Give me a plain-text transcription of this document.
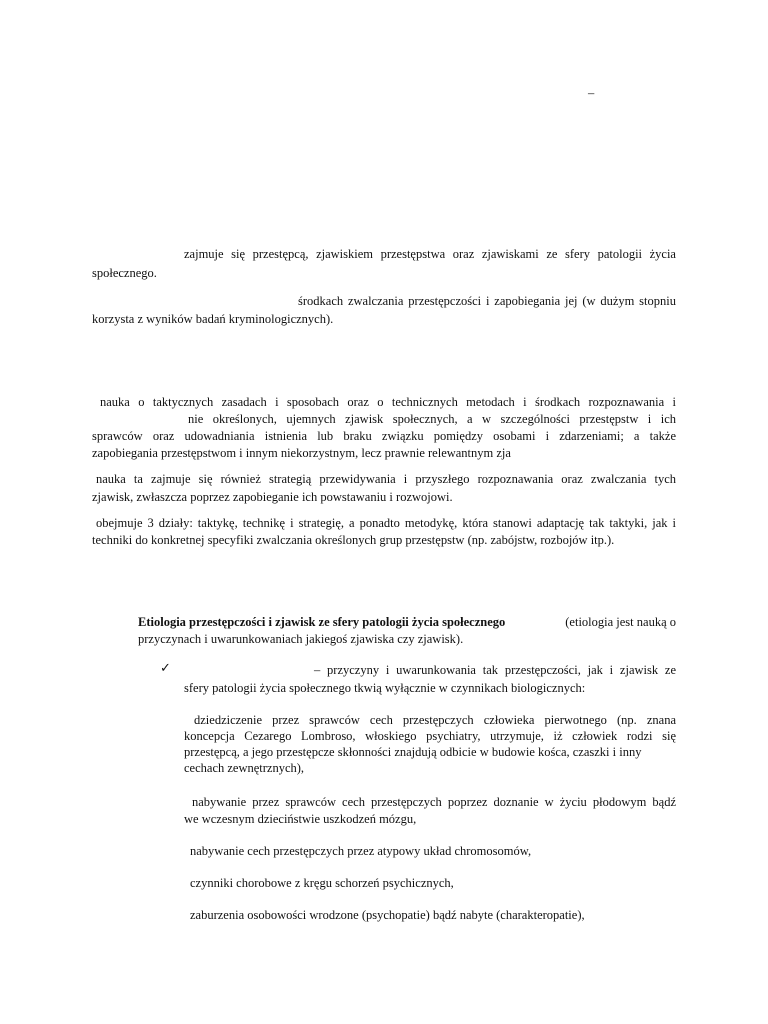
–
zajmuje się przestępcą, zjawiskiem przestępstwa oraz zjawiskami ze sfery patologii życia
społecznego.
środkach zwalczania przestępczości i zapobiegania jej (w dużym stopniu
korzysta z wyników badań kryminologicznych).
nauka o taktycznych zasadach i sposobach oraz o technicznych metodach i środkach rozpoznawania i
nie określonych, ujemnych zjawisk społecznych, a w szczególności przestępstw i ich
sprawców oraz udowadniania istnienia lub braku związku pomiędzy osobami i zdarzeniami; a także
zapobiegania przestępstwom i innym niekorzystnym, lecz prawnie relewantnym zja
nauka ta zajmuje się również strategią przewidywania i przyszłego rozpoznawania oraz zwalczania tych
zjawisk, zwłaszcza poprzez zapobieganie ich powstawaniu i rozwojowi.
obejmuje 3 działy: taktykę, technikę i strategię, a ponadto metodykę, która stanowi adaptację tak taktyki, jak i
techniki do konkretnej specyfiki zwalczania określonych grup przestępstw (np. zabójstw, rozbojów itp.).
Etiologia przestępczości i zjawisk ze sfery patologii życia społecznego	(etiologia jest nauką o
przyczynach i uwarunkowaniach jakiegoś zjawiska czy zjawisk).
✓	– przyczyny i uwarunkowania tak przestępczości, jak i zjawisk ze
sfery patologii życia społecznego tkwią wyłącznie w czynnikach biologicznych:
dziedziczenie przez sprawców cech przestępczych człowieka pierwotnego (np. znana
koncepcja Cezarego Lombroso, włoskiego psychiatry, utrzymuje, iż człowiek rodzi się
przestępcą, a jego przestępcze skłonności znajdują odbicie w budowie kośca, czaszki i inny
cechach zewnętrznych),
nabywanie przez sprawców cech przestępczych poprzez doznanie w życiu płodowym bądź
we wczesnym dzieciństwie uszkodzeń mózgu,
nabywanie cech przestępczych przez atypowy układ chromosomów,
czynniki chorobowe z kręgu schorzeń psychicznych,
zaburzenia osobowości wrodzone (psychopatie) bądź nabyte (charakteropatie),
